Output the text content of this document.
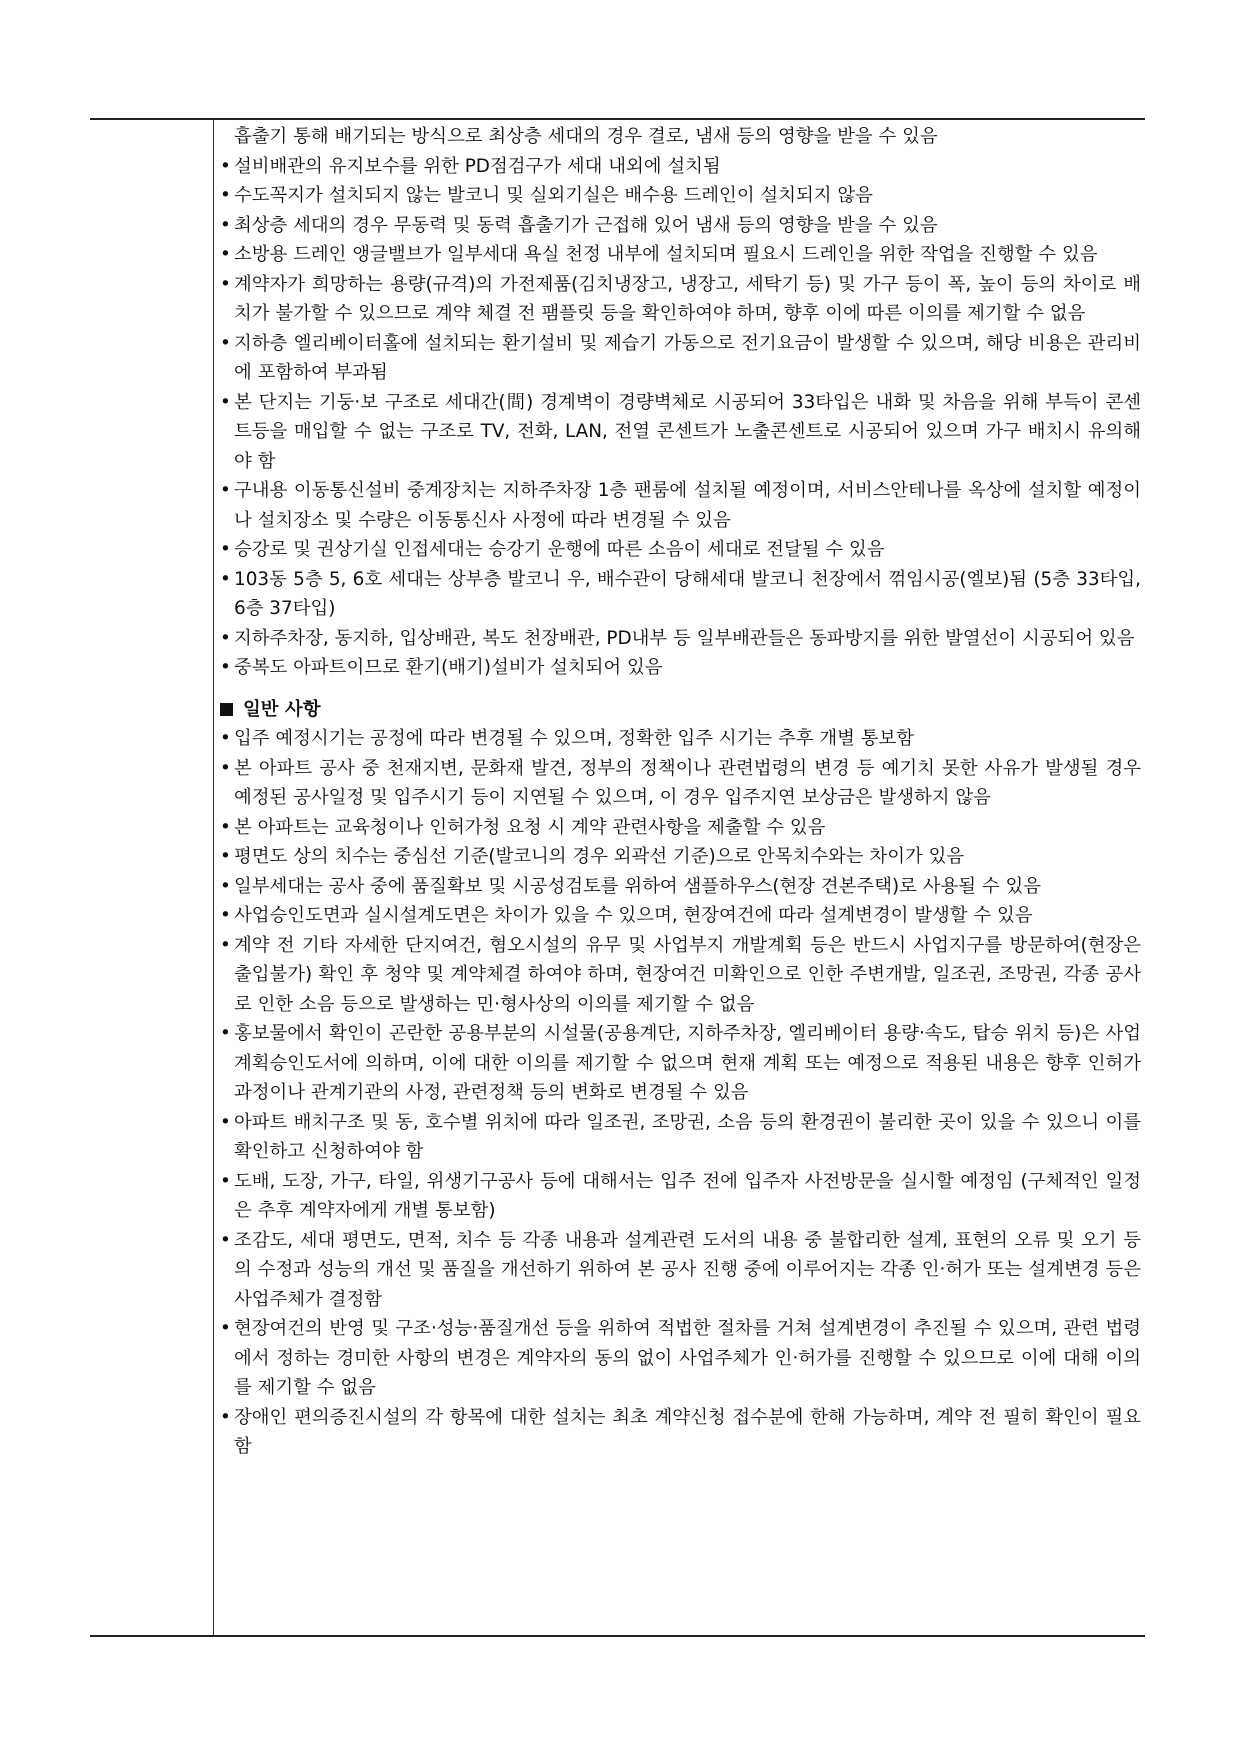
흡출기 통해 배기되는 방식으로 최상층 세대의 경우 결로, 냄새 등의 영향을 받을 수 있음
• 설비배관의 유지보수를 위한 PD점검구가 세대 내외에 설치됨
• 수도꼭지가 설치되지 않는 발코니 및 실외기실은 배수용 드레인이 설치되지 않음
• 최상층 세대의 경우 무동력 및 동력 흡출기가 근접해 있어 냄새 등의 영향을 받을 수 있음
• 소방용 드레인 앵글밸브가 일부세대 욕실 천정 내부에 설치되며 필요시 드레인을 위한 작업을 진행할 수 있음
• 계약자가 희망하는 용량(규격)의 가전제품(김치냉장고, 냉장고, 세탁기 등) 및 가구 등이 폭, 높이 등의 차이로 배치가 불가할 수 있으므로 계약 체결 전 팸플릿 등을 확인하여야 하며, 향후 이에 따른 이의를 제기할 수 없음
• 지하층 엘리베이터홀에 설치되는 환기설비 및 제습기 가동으로 전기요금이 발생할 수 있으며, 해당 비용은 관리비에 포함하여 부과됨
• 본 단지는 기둥·보 구조로 세대간(間) 경계벽이 경량벽체로 시공되어 33타입은 내화 및 차음을 위해 부득이 콘센트등을 매입할 수 없는 구조로 TV, 전화, LAN, 전열 콘센트가 노출콘센트로 시공되어 있으며 가구 배치시 유의해야 함
• 구내용 이동통신설비 중계장치는 지하주차장 1층 팬룸에 설치될 예정이며, 서비스안테나를 옥상에 설치할 예정이나 설치장소 및 수량은 이동통신사 사정에 따라 변경될 수 있음
• 승강로 및 권상기실 인접세대는 승강기 운행에 따른 소음이 세대로 전달될 수 있음
• 103동 5층 5, 6호 세대는 상부층 발코니 우, 배수관이 당해세대 발코니 천장에서 꺾임시공(엘보)됨 (5층 33타입, 6층 37타입)
• 지하주차장, 동지하, 입상배관, 복도 천장배관, PD내부 등 일부배관들은 동파방지를 위한 발열선이 시공되어 있음
• 중복도 아파트이므로 환기(배기)설비가 설치되어 있음
일반 사항
• 입주 예정시기는 공정에 따라 변경될 수 있으며, 정확한 입주 시기는 추후 개별 통보함
• 본 아파트 공사 중 천재지변, 문화재 발견, 정부의 정책이나 관련법령의 변경 등 예기치 못한 사유가 발생될 경우 예정된 공사일정 및 입주시기 등이 지연될 수 있으며, 이 경우 입주지연 보상금은 발생하지 않음
• 본 아파트는 교육청이나 인허가청 요청 시 계약 관련사항을 제출할 수 있음
• 평면도 상의 치수는 중심선 기준(발코니의 경우 외곽선 기준)으로 안목치수와는 차이가 있음
• 일부세대는 공사 중에 품질확보 및 시공성검토를 위하여 샘플하우스(현장 견본주택)로 사용될 수 있음
• 사업승인도면과 실시설계도면은 차이가 있을 수 있으며, 현장여건에 따라 설계변경이 발생할 수 있음
• 계약 전 기타 자세한 단지여건, 혐오시설의 유무 및 사업부지 개발계획 등은 반드시 사업지구를 방문하여(현장은 출입불가) 확인 후 청약 및 계약체결 하여야 하며, 현장여건 미확인으로 인한 주변개발, 일조권, 조망권, 각종 공사로 인한 소음 등으로 발생하는 민·형사상의 이의를 제기할 수 없음
• 홍보물에서 확인이 곤란한 공용부분의 시설물(공용계단, 지하주차장, 엘리베이터 용량·속도, 탑승 위치 등)은 사업계획승인도서에 의하며, 이에 대한 이의를 제기할 수 없으며 현재 계획 또는 예정으로 적용된 내용은 향후 인허가 과정이나 관계기관의 사정, 관련정책 등의 변화로 변경될 수 있음
• 아파트 배치구조 및 동, 호수별 위치에 따라 일조권, 조망권, 소음 등의 환경권이 불리한 곳이 있을 수 있으니 이를 확인하고 신청하여야 함
• 도배, 도장, 가구, 타일, 위생기구공사 등에 대해서는 입주 전에 입주자 사전방문을 실시할 예정임 (구체적인 일정은 추후 계약자에게 개별 통보함)
• 조감도, 세대 평면도, 면적, 치수 등 각종 내용과 설계관련 도서의 내용 중 불합리한 설계, 표현의 오류 및 오기 등의 수정과 성능의 개선 및 품질을 개선하기 위하여 본 공사 진행 중에 이루어지는 각종 인·허가 또는 설계변경 등은 사업주체가 결정함
• 현장여건의 반영 및 구조·성능·품질개선 등을 위하여 적법한 절차를 거쳐 설계변경이 추진될 수 있으며, 관련 법령에서 정하는 경미한 사항의 변경은 계약자의 동의 없이 사업주체가 인·허가를 진행할 수 있으므로 이에 대해 이의를 제기할 수 없음
• 장애인 편의증진시설의 각 항목에 대한 설치는 최초 계약신청 접수분에 한해 가능하며, 계약 전 필히 확인이 필요함
